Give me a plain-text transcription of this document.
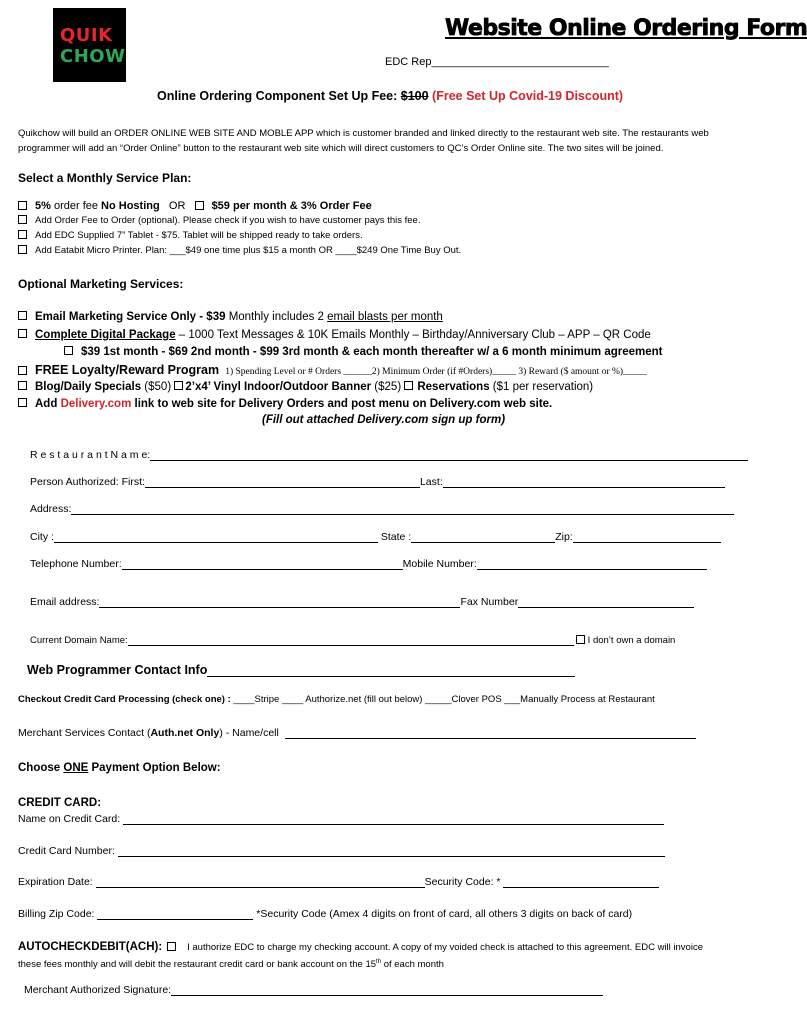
QUIK
CHOW
Website Online Ordering Form
EDC Rep_____________________________
Online Ordering Component Set Up Fee: $100 (Free Set Up Covid-19 Discount)
Quikchow will build an ORDER ONLINE WEB SITE AND MOBLE APP which is customer branded and linked directly to the restaurant web site. The restaurants web
programmer will add an “Order Online” button to the restaurant web site which will direct customers to QC’s Order Online site. The two sites will be joined.
Select a Monthly Service Plan:
5% order fee No Hosting OR $59 per month & 3% Order Fee
Add Order Fee to Order (optional). Please check if you wish to have customer pays this fee.
Add EDC Supplied 7” Tablet - $75. Tablet will be shipped ready to take orders.
Add Eatabit Micro Printer. Plan: ___$49 one time plus $15 a month OR ____$249 One Time Buy Out.
Optional Marketing Services:
Email Marketing Service Only - $39 Monthly includes 2 email blasts per month
Complete Digital Package – 1000 Text Messages & 10K Emails Monthly – Birthday/Anniversary Club – APP – QR Code
$39 1st month - $69 2nd month - $99 3rd month & each month thereafter w/ a 6 month minimum agreement
FREE Loyalty/Reward Program 1) Spending Level or # Orders ______2) Minimum Order (if #Orders)_____ 3) Reward ($ amount or %)_____
Blog/Daily Specials ($50) 2’x4’ Vinyl Indoor/Outdoor Banner ($25) Reservations ($1 per reservation)
Add Delivery.com link to web site for Delivery Orders and post menu on Delivery.com web site.
(Fill out attached Delivery.com sign up form)
R e s t a u r a n t N a m e:
Person Authorized: First:	Last:
Address:
City :	State :	Zip:
Telephone Number:	Mobile Number:
Email address:	Fax Number
Current Domain Name:	I don’t own a domain
Web Programmer Contact Info
Checkout Credit Card Processing (check one) : ____Stripe ____ Authorize.net (fill out below) _____Clover POS ___Manually Process at Restaurant
Merchant Services Contact (Auth.net Only) - Name/cell
Choose ONE Payment Option Below:
CREDIT CARD:
Name on Credit Card:
Credit Card Number:
Expiration Date:	Security Code: *
Billing Zip Code:	*Security Code (Amex 4 digits on front of card, all others 3 digits on back of card)
AUTOCHECKDEBIT(ACH):	I authorize EDC to charge my checking account. A copy of my voided check is attached to this agreement. EDC will invoice
these fees monthly and will debit the restaurant credit card or bank account on the 15th of each month
Merchant Authorized Signature:
